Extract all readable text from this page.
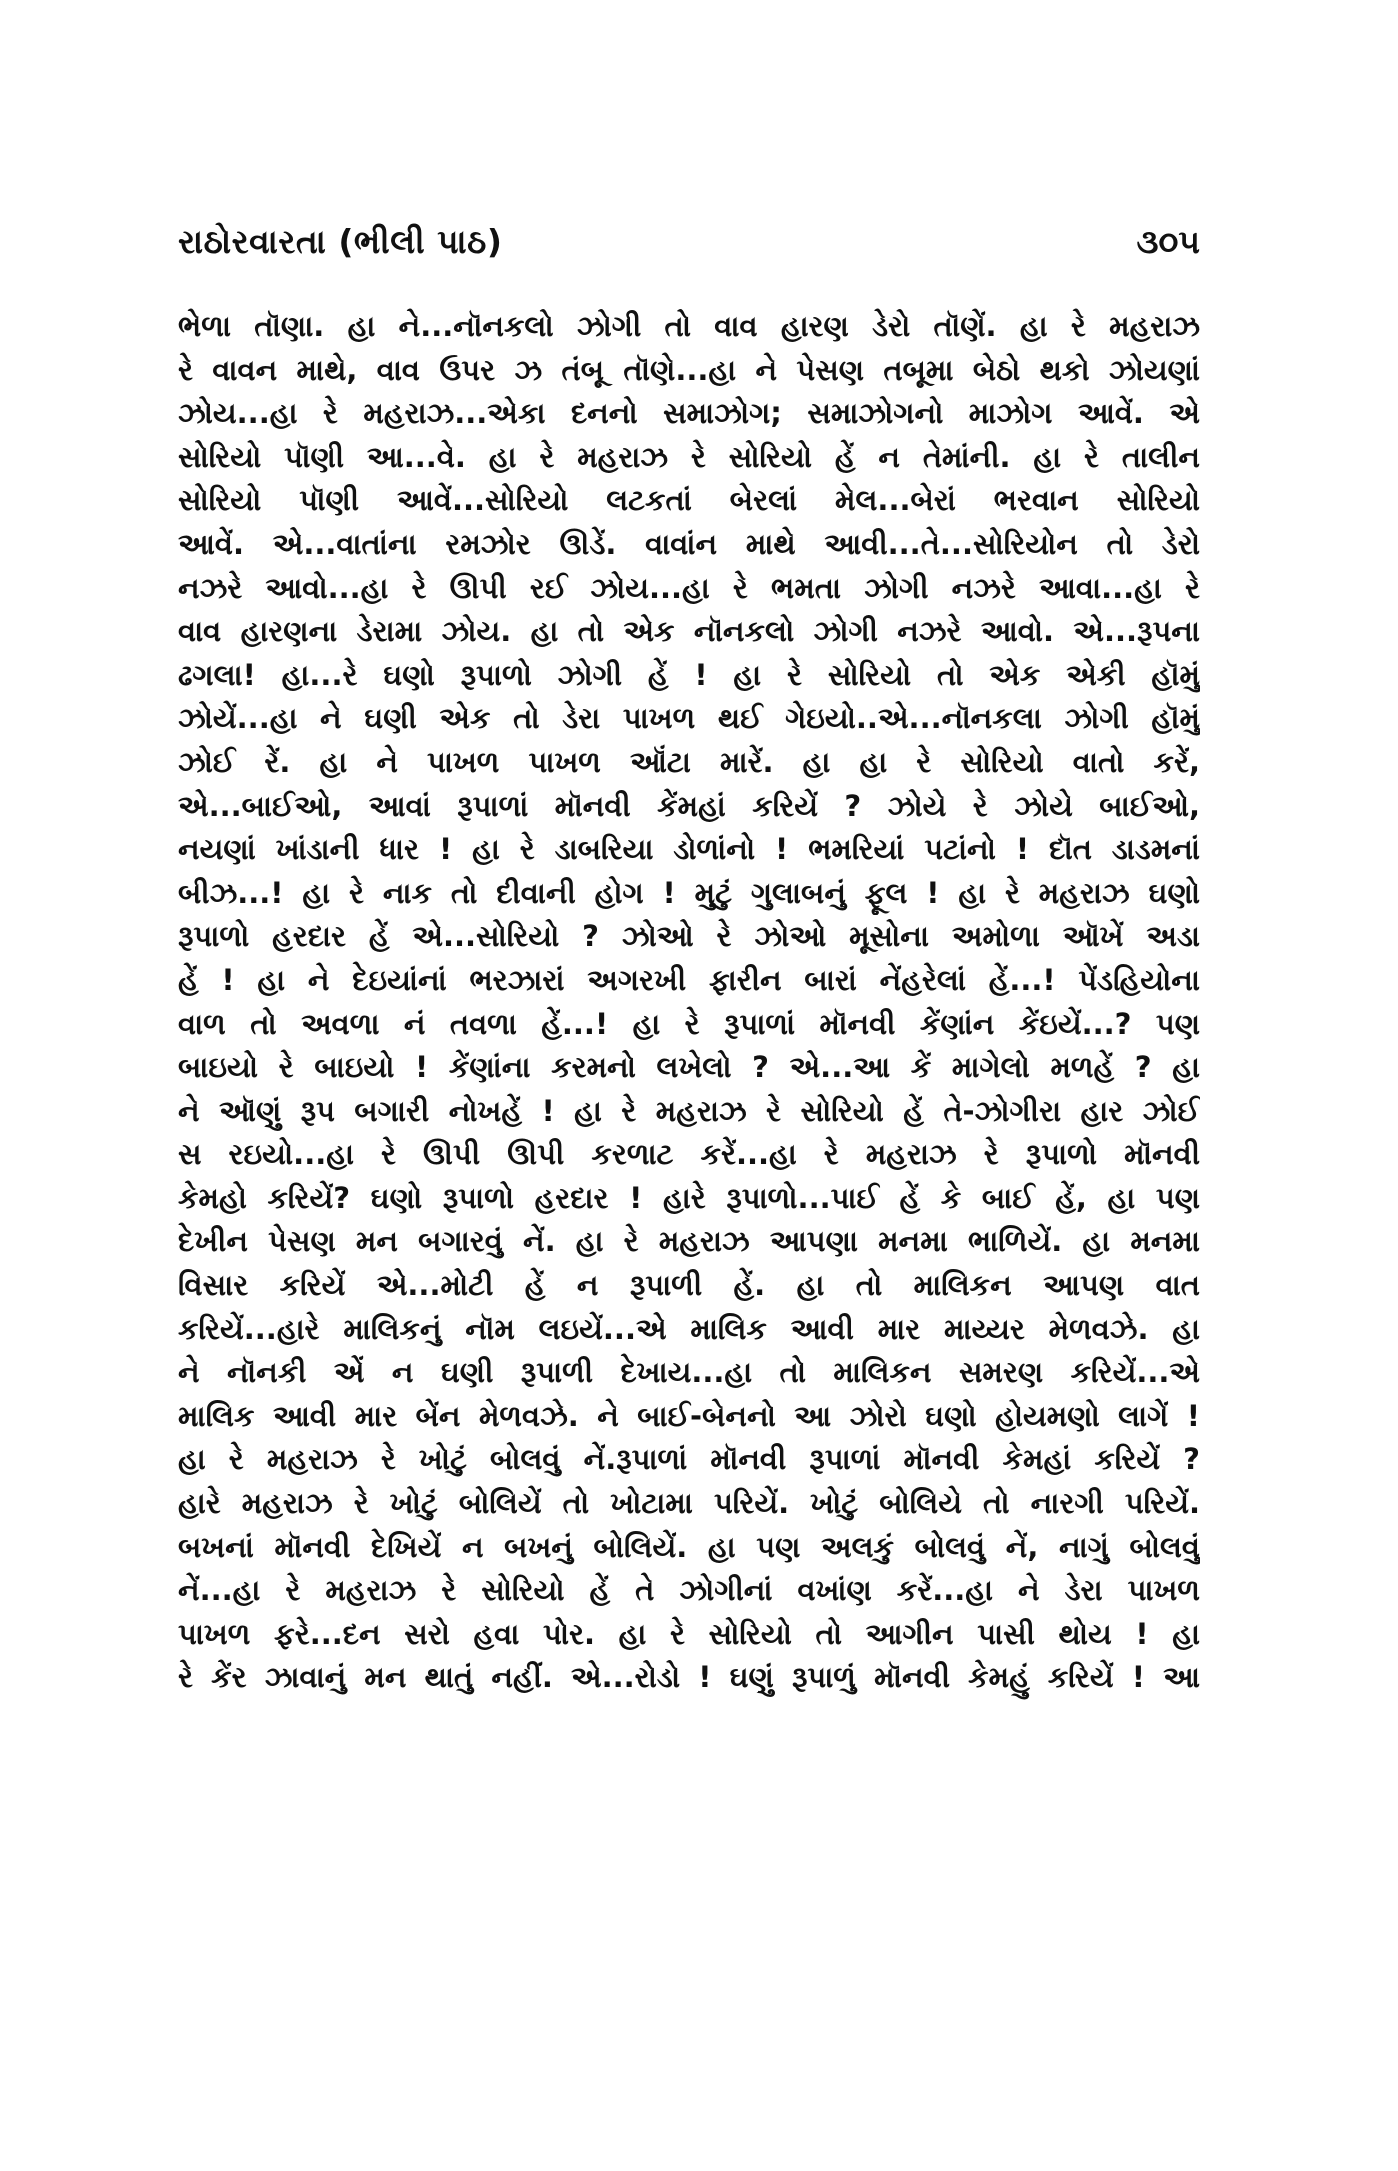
રાઠોરવારતા (ભીલી પાઠ)	૩૦૫
ભેળા તૉણા. હા ને...નૉનકલો ઝોગી તો વાવ હારણ ડેરો તૉણેં. હા રે મહરાઝ
રે વાવન માથે, વાવ ઉપર ઝ તંબૂ તૉણે...હા ને પેસણ તબૂમા બેઠો થકો ઝોયણાં
ઝોય...હા રે મહરાઝ...એકા દનનો સમાઝોગ; સમાઝોગનો માઝોગ આવેં. એ
સોરિયો પૉણી આ...વે. હા રે મહરાઝ રે સોરિયો હેં ન તેમાંની. હા રે તાલીન
સોરિયો પૉણી આવેં...સોરિયો લટકતાં બેરલાં મેલ...બેરાં ભરવાન સોરિયો
આવેં. એ...વાતાંના રમઝોર ઊડેં. વાવાંન માથે આવી...તે...સોરિયોન તો ડેરો
નઝરે આવો...હા રે ઊપી રઈ ઝોય...હા રે ભમતા ઝોગી નઝરે આવા...હા રે
વાવ હારણના ડેરામા ઝોય. હા તો એક નૉનકલો ઝોગી નઝરે આવો. એ...રૂપના
ઢગલા! હા...રે ઘણો રૂપાળો ઝોગી હેં ! હા રે સોરિયો તો એક એકી હૉમું
ઝોયેં...હા ને ઘણી એક તો ડેરા પાખળ થઈ ગેઇયો..એ...નૉનકલા ઝોગી હૉમું
ઝોઈ રેં. હા ને પાખળ પાખળ ઑંટા મારેં. હા હા રે સોરિયો વાતો કરેં,
એ...બાઈઓ, આવાં રૂપાળાં મૉનવી કેંમહાં કરિયેં ? ઝોયે રે ઝોયે બાઈઓ,
નયણાં ખાંડાની ધાર ! હા રે ડાબરિયા ડોળાંનો ! ભમરિયાં પટાંનો ! દૉત ડાડમનાં
બીઝ...! હા રે નાક તો દીવાની હોગ ! મુટું ગુલાબનું ફૂલ ! હા રે મહરાઝ ઘણો
રૂપાળો હરદાર હેં એ...સોરિયો ? ઝોઓ રે ઝોઓ મૂસોના અમોળા ઑખેં અડા
હેં ! હા ને દેઇયાંનાં ભરઝારાં અગરખી ફારીન બારાં નેંહરેલાં હેં...! પેંડહિયોના
વાળ તો અવળા નં તવળા હેં...! હા રે રૂપાળાં મૉનવી કેંણાંન કેંઇયેં...? પણ
બાઇયો રે બાઇયો ! કેંણાંના કરમનો લખેલો ? એ...આ કેં માગેલો મળહેં ? હા
ને ઑણું રૂપ બગારી નોખહેં ! હા રે મહરાઝ રે સોરિયો હેં તે-ઝોગીરા હાર ઝોઈ
સ રઇયો...હા રે ઊપી ઊપી કરળાટ કરેં...હા રે મહરાઝ રે રૂપાળો મૉનવી
કેમહો કરિયેં? ઘણો રૂપાળો હરદાર ! હારે રૂપાળો...પાઈ હેં કે બાઈ હેં, હા પણ
દેખીન પેસણ મન બગારવું નેં. હા રે મહરાઝ આપણા મનમા ભાળિયેં. હા મનમા
વિસાર કરિયેં એ...મોટી હેં ન રૂપાળી હેં. હા તો માલિકન આપણ વાત
કરિયેં...હારે માલિકનું નૉમ લઇયેં...એ માલિક આવી માર માય્યર મેળવઝે. હા
ને નૉનકી એં ન ઘણી રૂપાળી દેખાય...હા તો માલિકન સમરણ કરિયેં...એ
માલિક આવી માર બેંન મેળવઝે. ને બાઈ-બેનનો આ ઝોરો ઘણો હોયમણો લાગેં !
હા રે મહરાઝ રે ખોટું બોલવું નેં.રૂપાળાં મૉનવી રૂપાળાં મૉનવી કેમહાં કરિયેં ?
હારે મહરાઝ રે ખોટું બોલિયેં તો ખોટામા પરિયેં. ખોટું બોલિયે તો નારગી પરિયેં.
બખનાં મૉનવી દેખિયેં ન બખનું બોલિયેં. હા પણ અલકું બોલવું નેં, નાગું બોલવું
નેં...હા રે મહરાઝ રે સોરિયો હેં તે ઝોગીનાં વખાંણ કરેં...હા ને ડેરા પાખળ
પાખળ ફરે...દન સરો હવા પોર. હા રે સોરિયો તો આગીન પાસી થોય ! હા
રે કેંર ઝાવાનું મન થાતું નહીં. એ...રોડો ! ઘણું રૂપાળું મૉનવી કેમહું કરિયેં ! આ
